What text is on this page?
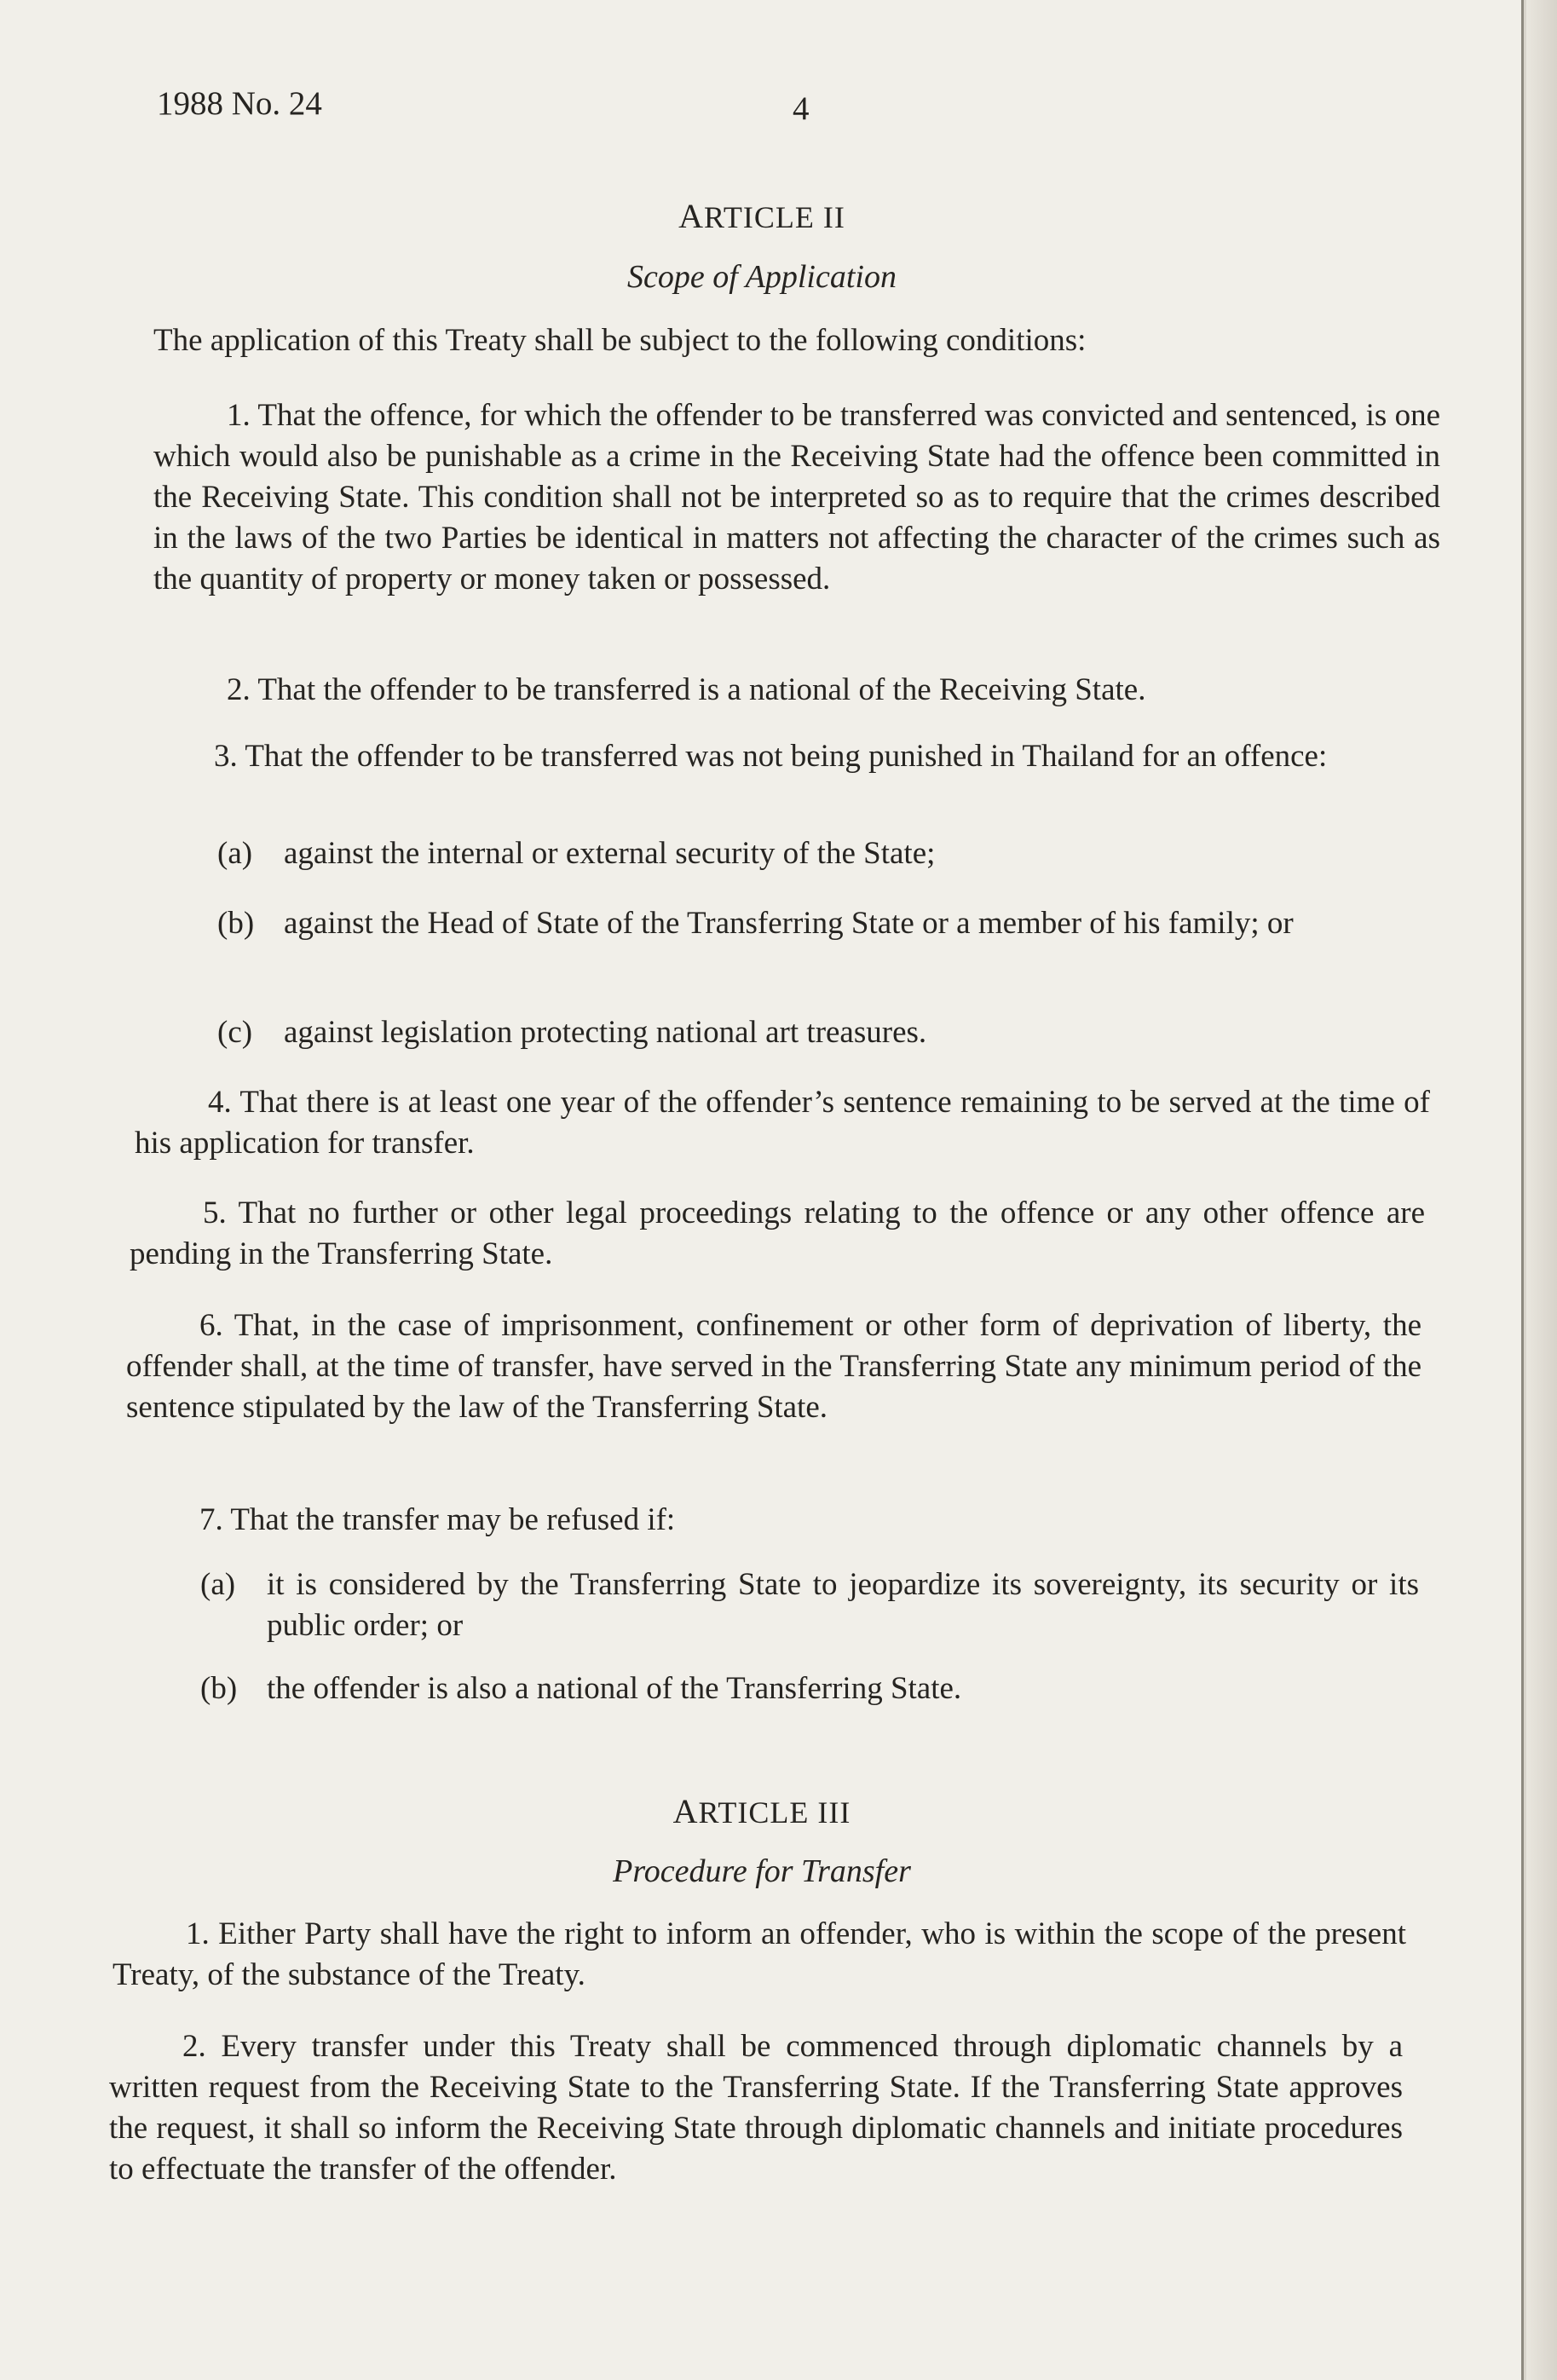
1988 No. 24	4
ARTICLE II
Scope of Application

The application of this Treaty shall be subject to the following conditions:

1. That the offence, for which the offender to be transferred was convicted and sentenced, is one which would also be punishable as a crime in the Receiving State had the offence been committed in the Receiving State. This condition shall not be interpreted so as to require that the crimes described in the laws of the two Parties be identical in matters not affecting the character of the crimes such as the quantity of property or money taken or possessed.

2. That the offender to be transferred is a national of the Receiving State.

3. That the offender to be transferred was not being punished in Thailand for an offence:

(a) against the internal or external security of the State;
(b) against the Head of State of the Transferring State or a member of his family; or
(c) against legislation protecting national art treasures.

4. That there is at least one year of the offender’s sentence remaining to be served at the time of his application for transfer.

5. That no further or other legal proceedings relating to the offence or any other offence are pending in the Transferring State.

6. That, in the case of imprisonment, confinement or other form of deprivation of liberty, the offender shall, at the time of transfer, have served in the Transferring State any minimum period of the sentence stipulated by the law of the Transferring State.

7. That the transfer may be refused if:

(a) it is considered by the Transferring State to jeopardize its sovereignty, its security or its public order; or
(b) the offender is also a national of the Transferring State.
ARTICLE III
Procedure for Transfer

1. Either Party shall have the right to inform an offender, who is within the scope of the present Treaty, of the substance of the Treaty.

2. Every transfer under this Treaty shall be commenced through diplomatic channels by a written request from the Receiving State to the Transferring State. If the Transferring State approves the request, it shall so inform the Receiving State through diplomatic channels and initiate procedures to effectuate the transfer of the offender.
